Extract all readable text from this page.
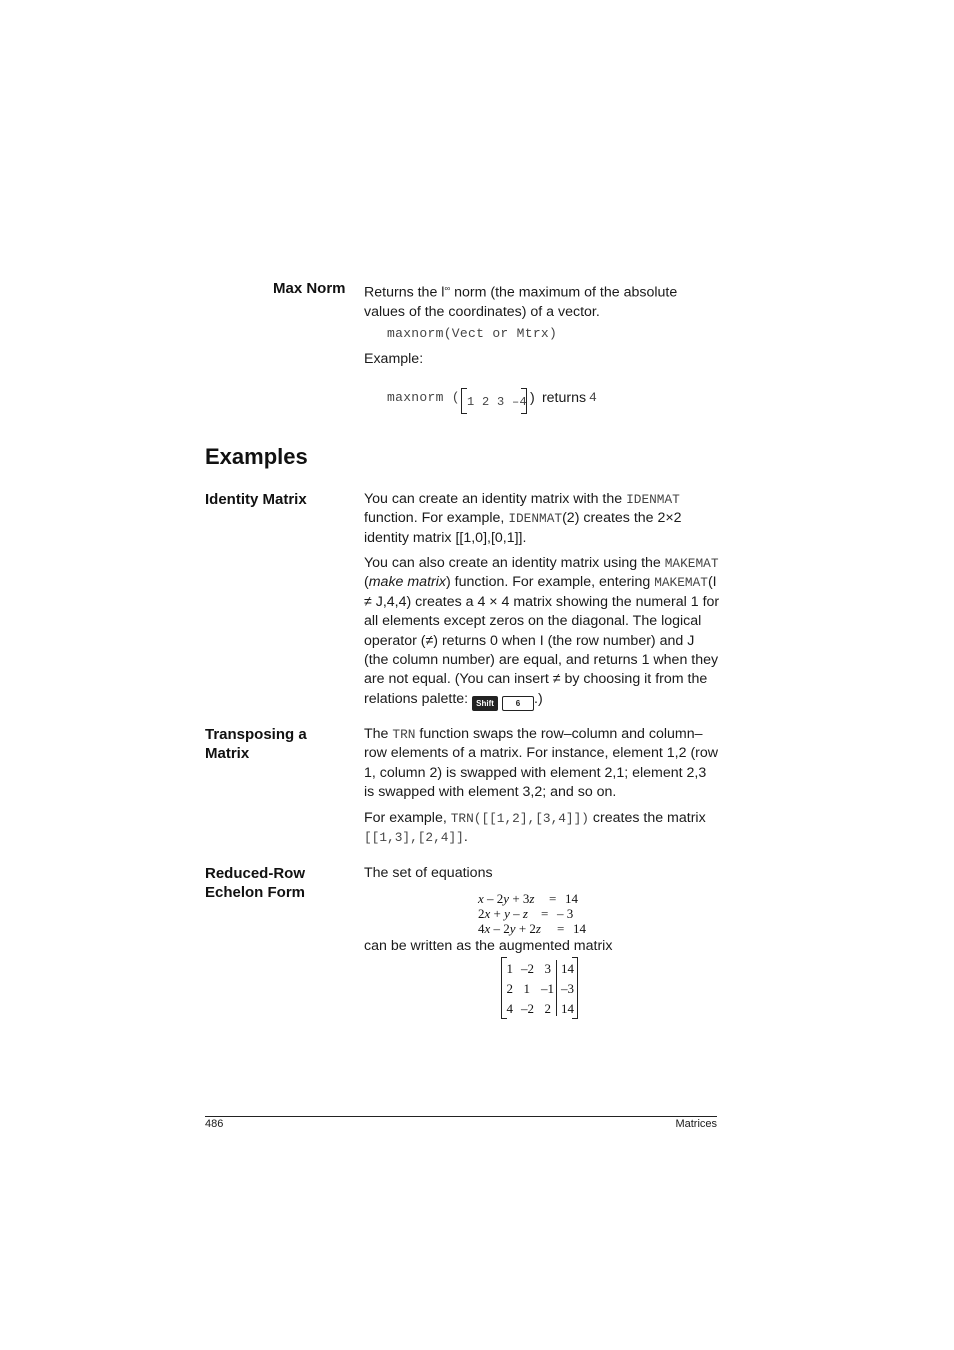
Max Norm Returns the l∞ norm (the maximum of the absolute values of the coordinates) of a vector.
maxnorm(Vect or Mtrx)
Example:
maxnorm ( 1 2 3 –4 ) returns
4
Examples
Identity Matrix	You can create an identity matrix with the IDENMAT function. For example, IDENMAT(2) creates the 2×2 identity matrix [[1,0],[0,1]].
You can also create an identity matrix using the MAKEMAT (make matrix) function. For example, entering MAKEMAT(I ≠ J,4,4) creates a 4 × 4 matrix showing the numeral 1 for all elements except zeros on the diagonal. The logical operator (≠) returns 0 when I (the row number) and J (the column number) are equal, and returns 1 when they are not equal. (You can insert ≠ by choosing it from the relations palette: Shift	6 .)
Transposing a
Matrix
The TRN function swaps the row–column and column–row elements of a matrix. For instance, element 1,2 (row 1, column 2) is swapped with element 2,1; element 2,3 is swapped with element 3,2; and so on.
For example, TRN([[1,2],[3,4]]) creates the matrix [[1,3],[2,4]].
Reduced-Row
Echelon Form
The set of equations
x – 2y + 3z = 14
2x + y – z = – 3
4x – 2y + 2z = 14
can be written as the augmented matrix
1 –2 3 14
2 1 –1 –3
4 –2 2 14
486	Matrices
